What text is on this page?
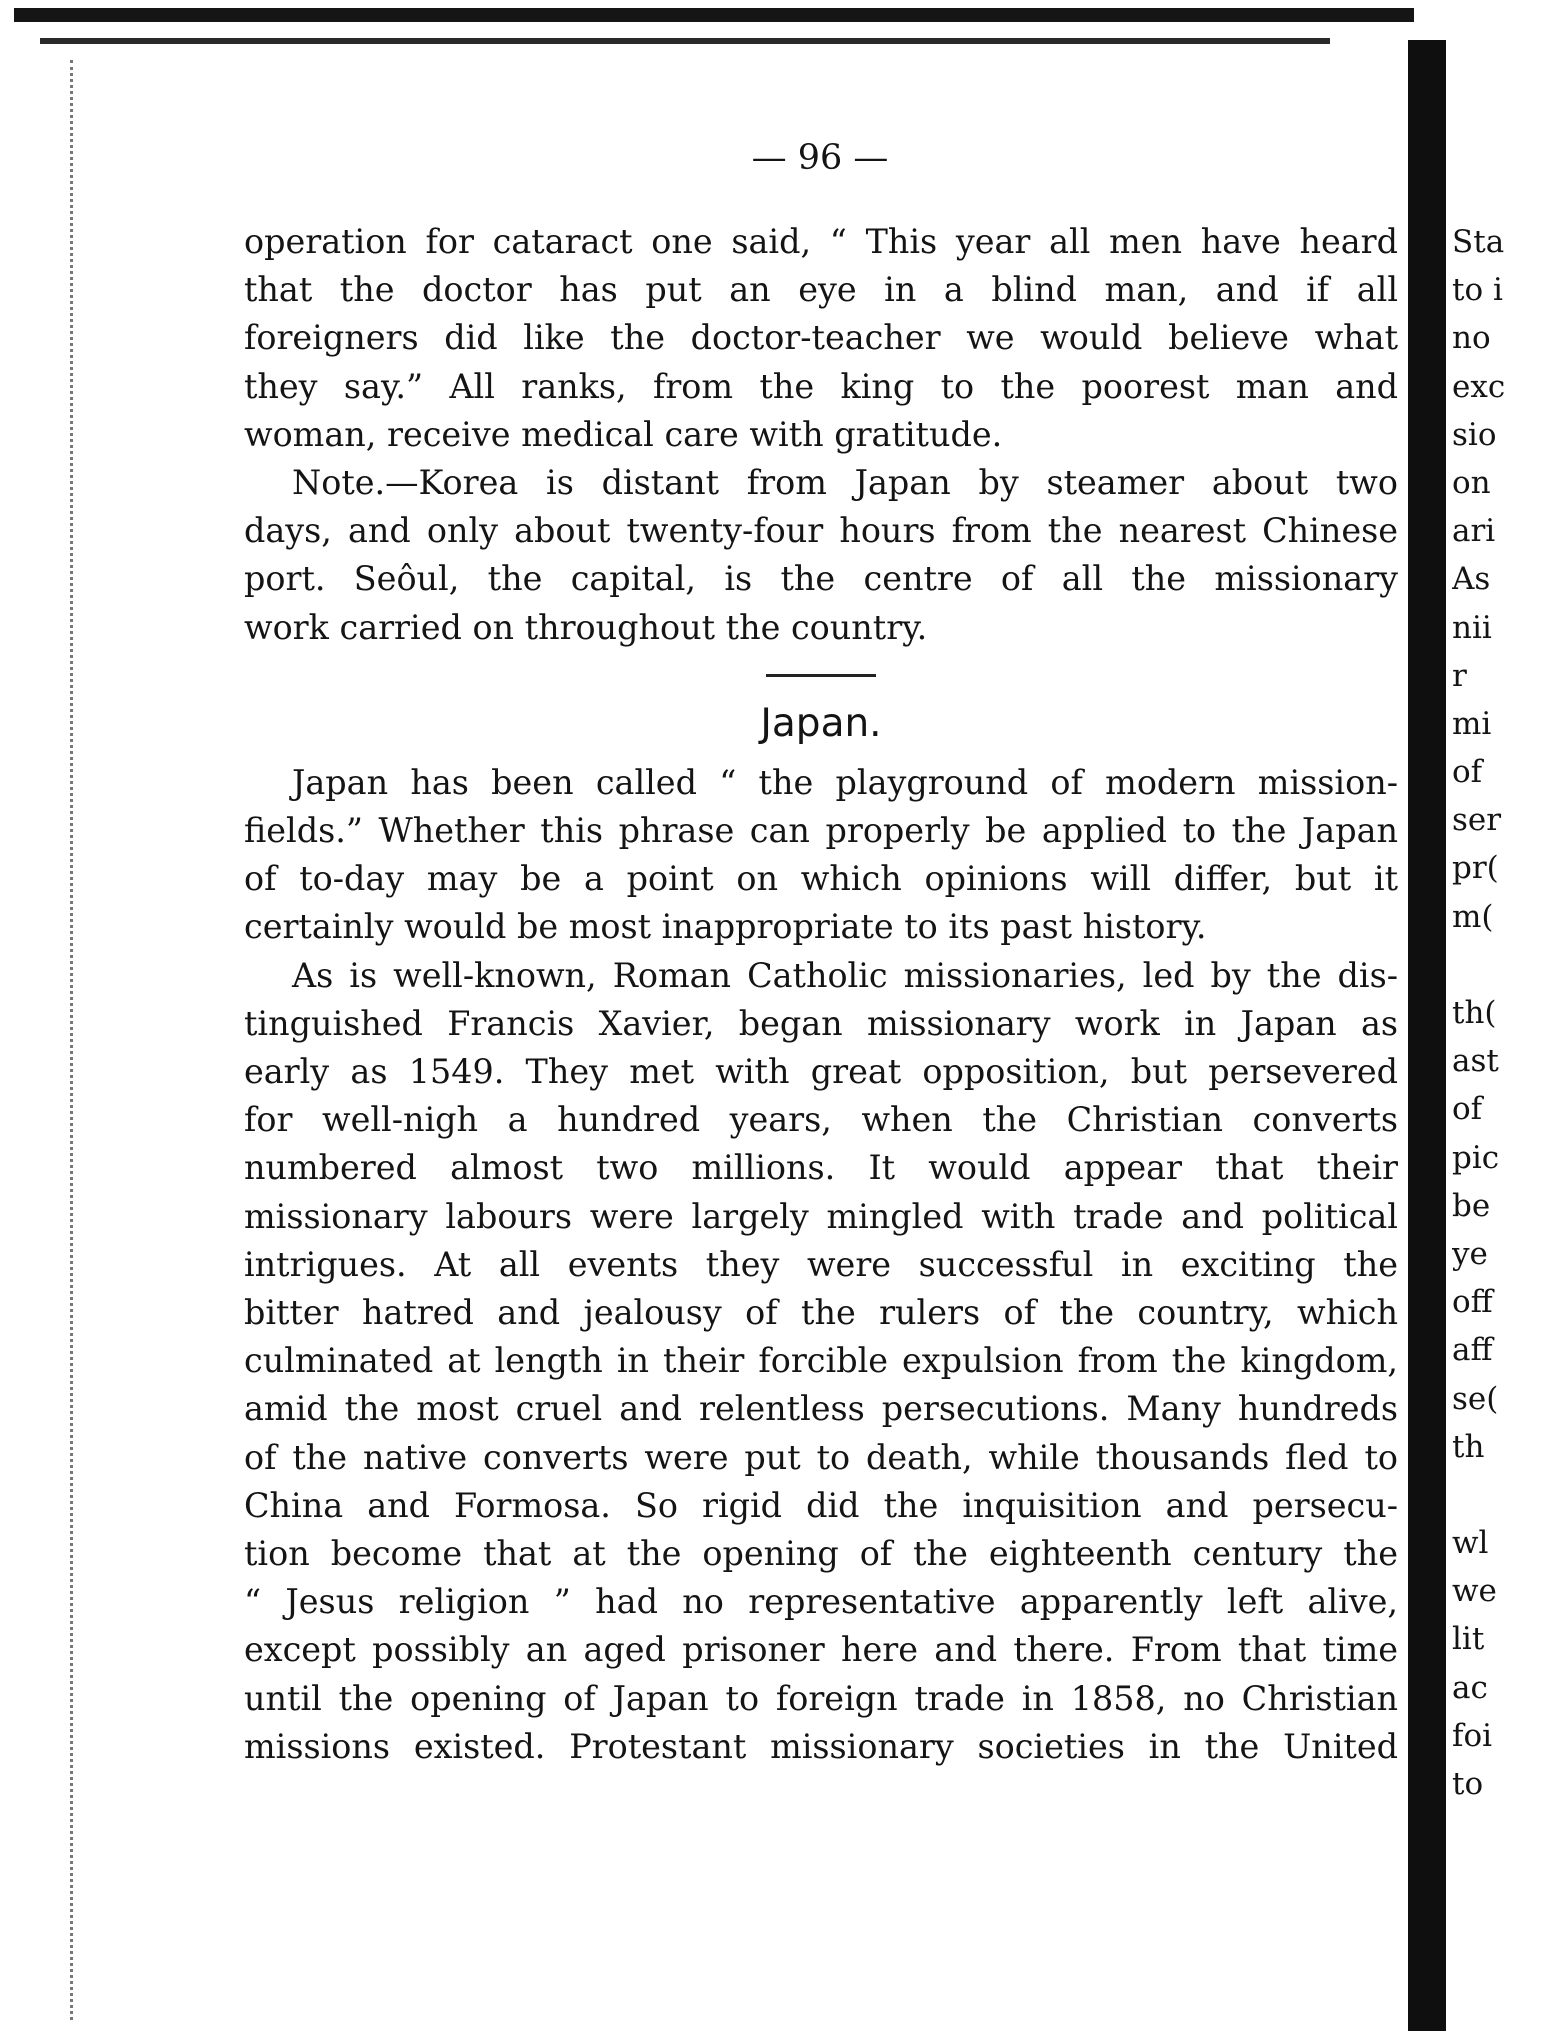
— 96 —
operation for cataract one said, “ This year all men have heard
that the doctor has put an eye in a blind man, and if all
foreigners did like the doctor-teacher we would believe what
they say.” All ranks, from the king to the poorest man and
woman, receive medical care with gratitude.
Note.—Korea is distant from Japan by steamer about two
days, and only about twenty-four hours from the nearest Chinese
port. Seôul, the capital, is the centre of all the missionary
work carried on throughout the country.
Japan.
Japan has been called “ the playground of modern mission-
fields.” Whether this phrase can properly be applied to the Japan
of to-day may be a point on which opinions will differ, but it
certainly would be most inappropriate to its past history.
As is well-known, Roman Catholic missionaries, led by the dis-
tinguished Francis Xavier, began missionary work in Japan as
early as 1549. They met with great opposition, but persevered
for well-nigh a hundred years, when the Christian converts
numbered almost two millions. It would appear that their
missionary labours were largely mingled with trade and political
intrigues. At all events they were successful in exciting the
bitter hatred and jealousy of the rulers of the country, which
culminated at length in their forcible expulsion from the kingdom,
amid the most cruel and relentless persecutions. Many hundreds
of the native converts were put to death, while thousands fled to
China and Formosa. So rigid did the inquisition and persecu-
tion become that at the opening of the eighteenth century the
“ Jesus religion ” had no representative apparently left alive,
except possibly an aged prisoner here and there. From that time
until the opening of Japan to foreign trade in 1858, no Christian
missions existed. Protestant missionary societies in the United
Sta
to i
no
exc
sio
on
ari
As
nii
r
mi
of
ser
pr(
m(
th(
ast
of
pic
be
ye
off
aff
se(
th
wl
we
lit
ac
foi
to
